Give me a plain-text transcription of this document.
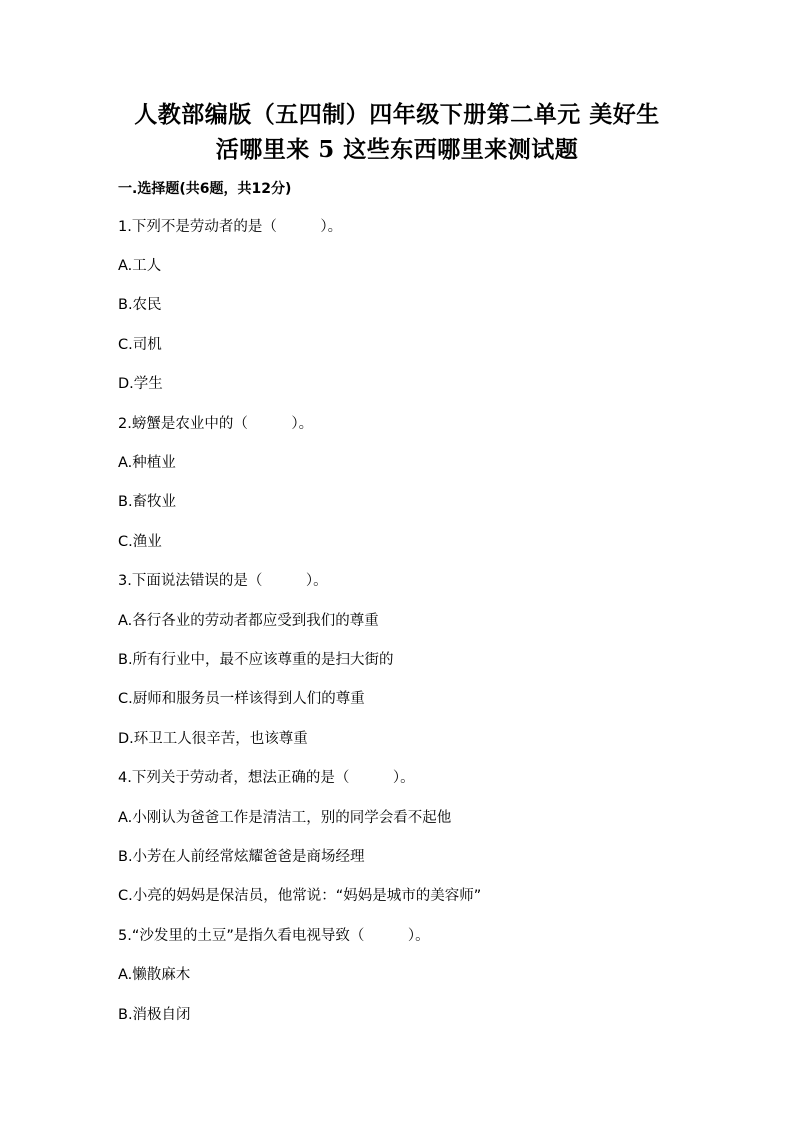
人教部编版（五四制）四年级下册第二单元 美好生
活哪里来 5 这些东西哪里来测试题
一.选择题(共6题，共12分)
1.下列不是劳动者的是（　　　）。
A.工人
B.农民
C.司机
D.学生
2.螃蟹是农业中的（　　　）。
A.种植业
B.畜牧业
C.渔业
3.下面说法错误的是（　　　）。
A.各行各业的劳动者都应受到我们的尊重
B.所有行业中，最不应该尊重的是扫大街的
C.厨师和服务员一样该得到人们的尊重
D.环卫工人很辛苦，也该尊重
4.下列关于劳动者，想法正确的是（　　　）。
A.小刚认为爸爸工作是清洁工，别的同学会看不起他
B.小芳在人前经常炫耀爸爸是商场经理
C.小亮的妈妈是保洁员，他常说：“妈妈是城市的美容师”
5.“沙发里的土豆”是指久看电视导致（　　　）。
A.懒散麻木
B.消极自闭
